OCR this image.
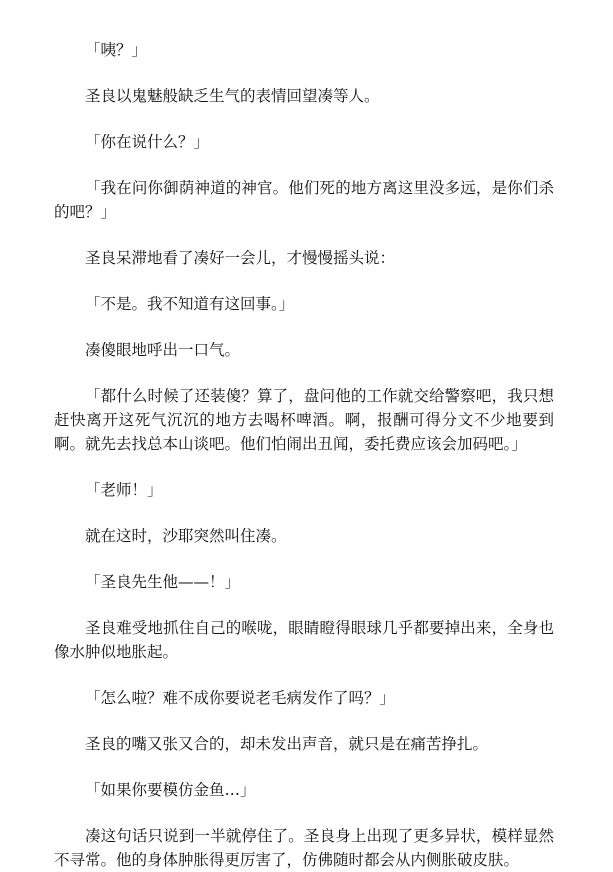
「咦？」

圣良以鬼魅般缺乏生气的表情回望凑等人。

「你在说什么？」

「我在问你御荫神道的神官。他们死的地方离这里没多远，是你们杀的吧？」

圣良呆滞地看了凑好一会儿，才慢慢摇头说：

「不是。我不知道有这回事。」

凑傻眼地呼出一口气。

「都什么时候了还装傻？算了，盘问他的工作就交给警察吧，我只想赶快离开这死气沉沉的地方去喝杯啤酒。啊，报酬可得分文不少地要到啊。就先去找总本山谈吧。他们怕闹出丑闻，委托费应该会加码吧。」

「老师！」

就在这时，沙耶突然叫住凑。

「圣良先生他——！」

圣良难受地抓住自己的喉咙，眼睛瞪得眼球几乎都要掉出来，全身也像水肿似地胀起。

「怎么啦？难不成你要说老毛病发作了吗？」

圣良的嘴又张又合的，却未发出声音，就只是在痛苦挣扎。

「如果你要模仿金鱼…」

凑这句话只说到一半就停住了。圣良身上出现了更多异状，模样显然不寻常。他的身体肿胀得更厉害了，仿佛随时都会从内侧胀破皮肤。
